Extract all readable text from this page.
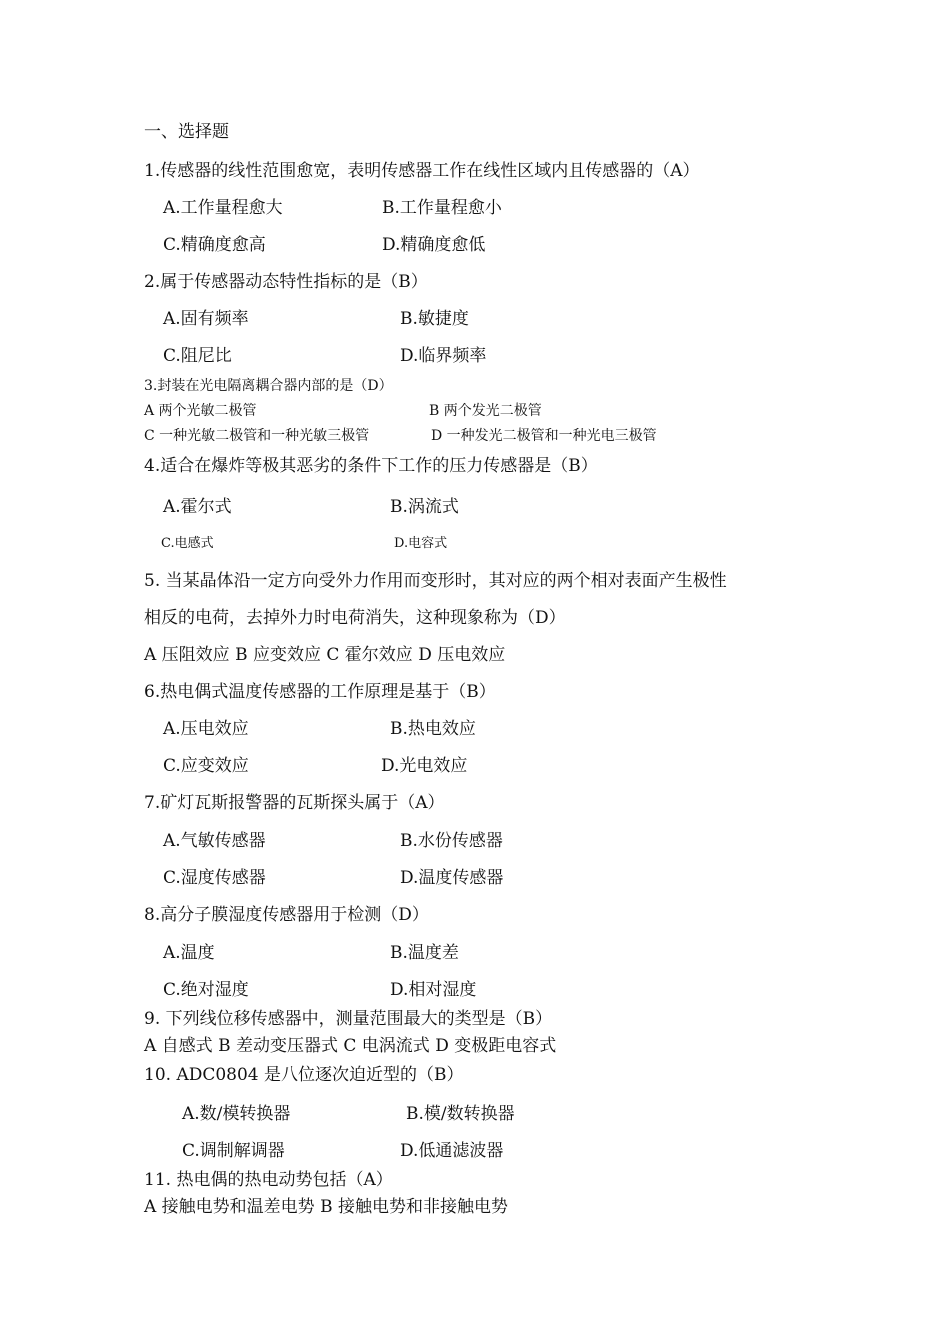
一、选择题
1.传感器的线性范围愈宽，表明传感器工作在线性区域内且传感器的（A）
A.工作量程愈大	B.工作量程愈小
C.精确度愈高	D.精确度愈低
2.属于传感器动态特性指标的是（B）
A.固有频率	B.敏捷度
C.阻尼比	D.临界频率
3.封装在光电隔离耦合器内部的是（D）
A 两个光敏二极管	B 两个发光二极管
C 一种光敏二极管和一种光敏三极管	D 一种发光二极管和一种光电三极管
4.适合在爆炸等极其恶劣的条件下工作的压力传感器是（B）
A.霍尔式	B.涡流式
C.电感式	D.电容式
5. 当某晶体沿一定方向受外力作用而变形时，其对应的两个相对表面产生极性
相反的电荷，去掉外力时电荷消失，这种现象称为（D）
A 压阻效应 B 应变效应 C 霍尔效应 D 压电效应
6.热电偶式温度传感器的工作原理是基于（B）
A.压电效应	B.热电效应
C.应变效应	D.光电效应
7.矿灯瓦斯报警器的瓦斯探头属于（A）
A.气敏传感器	B.水份传感器
C.湿度传感器	D.温度传感器
8.高分子膜湿度传感器用于检测（D）
A.温度	B.温度差
C.绝对湿度	D.相对湿度
9. 下列线位移传感器中，测量范围最大的类型是（B）
A 自感式 B 差动变压器式 C 电涡流式 D 变极距电容式
10. ADC0804 是八位逐次迫近型的（B）
A.数/模转换器	B.模/数转换器
C.调制解调器	D.低通滤波器
11. 热电偶的热电动势包括（A）
A 接触电势和温差电势 B 接触电势和非接触电势
